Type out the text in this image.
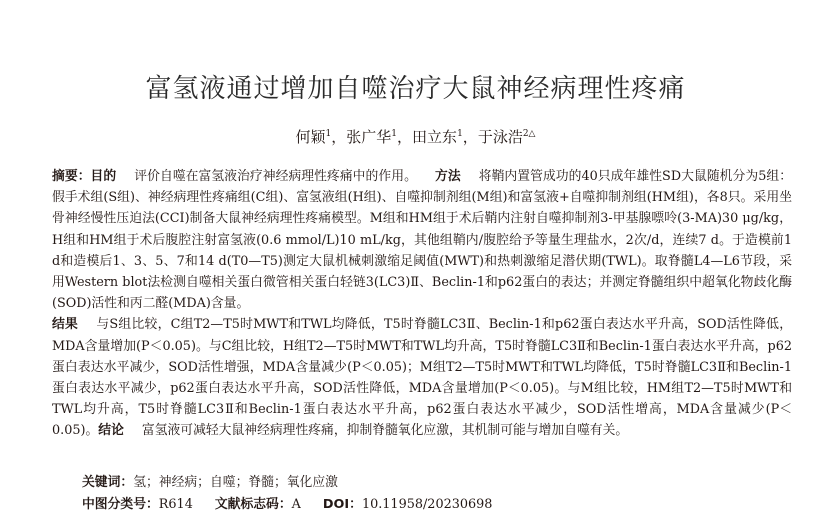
富氢液通过增加自噬治疗大鼠神经病理性疼痛
何颖$^1$，张广华$^1$，田立东$^1$，于泳浩$^{2\triangle}$
摘要：目的 评价自噬在富氢液治疗神经病理性疼痛中的作用。 方法 将鞘内置管成功的40只成年雄性SD大鼠随机分为5组：假手术组(S组)、神经病理性疼痛组(C组)、富氢液组(H组)、自噬抑制剂组(M组)和富氢液+自噬抑制剂组(HM组)，各8只。采用坐骨神经慢性压迫法(CCI)制备大鼠神经病理性疼痛模型。M组和HM组于术后鞘内注射自噬抑制剂3-甲基腺嘌呤(3-MA)30 μg/kg，H组和HM组于术后腹腔注射富氢液(0.6 mmol/L)10 mL/kg，其他组鞘内/腹腔给予等量生理盐水，2次/d，连续7 d。于造模前1 d和造模后1、3、5、7和14 d(T0—T5)测定大鼠机械刺激缩足阈值(MWT)和热刺激缩足潜伏期(TWL)。取脊髓L4—L6节段，采用Western blot法检测自噬相关蛋白微管相关蛋白轻链3(LC3)Ⅱ、Beclin-1和p62蛋白的表达；并测定脊髓组织中超氧化物歧化酶(SOD)活性和丙二醛(MDA)含量。
结果 与S组比较，C组T2—T5时MWT和TWL均降低，T5时脊髓LC3Ⅱ、Beclin-1和p62蛋白表达水平升高，SOD活性降低，MDA含量增加(P＜0.05)。与C组比较，H组T2—T5时MWT和TWL均升高，T5时脊髓LC3Ⅱ和Beclin-1蛋白表达水平升高，p62蛋白表达水平减少，SOD活性增强，MDA含量减少(P＜0.05)；M组T2—T5时MWT和TWL均降低，T5时脊髓LC3Ⅱ和Beclin-1蛋白表达水平减少，p62蛋白表达水平升高，SOD活性降低，MDA含量增加(P＜0.05)。与M组比较，HM组T2—T5时MWT和TWL均升高，T5时脊髓LC3Ⅱ和Beclin-1蛋白表达水平升高，p62蛋白表达水平减少，SOD活性增高，MDA含量减少(P＜0.05)。结论 富氢液可减轻大鼠神经病理性疼痛，抑制脊髓氧化应激，其机制可能与增加自噬有关。
关键词：氢；神经病；自噬；脊髓；氧化应激
中图分类号：R614 文献标志码：A DOI：10.11958/20230698
